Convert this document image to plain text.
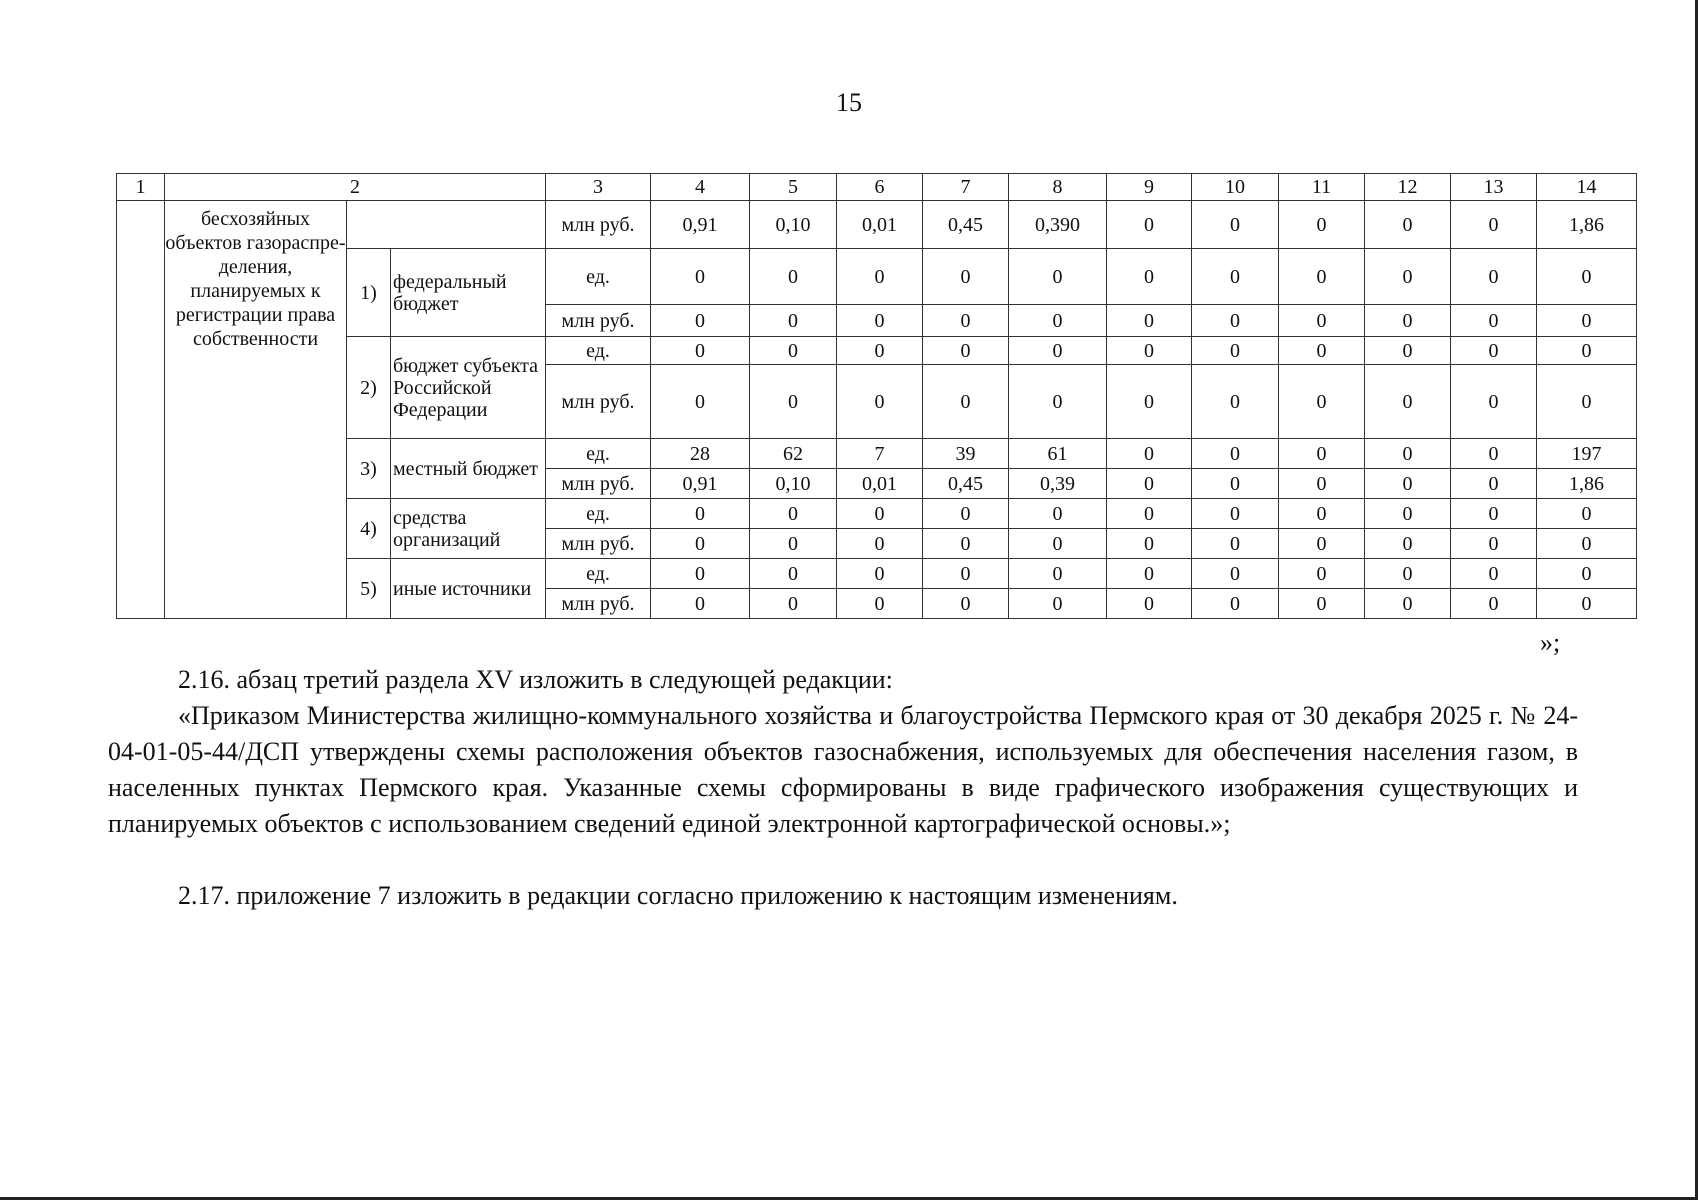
15
1	2			3	4	5	6	7	8	9	10	11	12	13	14
	бесхозяйных объектов газораспре-деления, планируемых к регистрации права собственности			млн руб.	0,91	0,10	0,01	0,45	0,390	0	0	0	0	0	1,86
		1)	федеральный бюджет	ед.	0	0	0	0	0	0	0	0	0	0	0
				млн руб.	0	0	0	0	0	0	0	0	0	0	0
		2)	бюджет субъекта Российской Федерации	ед.	0	0	0	0	0	0	0	0	0	0	0
				млн руб.	0	0	0	0	0	0	0	0	0	0	0
		3)	местный бюджет	ед.	28	62	7	39	61	0	0	0	0	0	197
				млн руб.	0,91	0,10	0,01	0,45	0,39	0	0	0	0	0	1,86
		4)	средства организаций	ед.	0	0	0	0	0	0	0	0	0	0	0
				млн руб.	0	0	0	0	0	0	0	0	0	0	0
		5)	иные источники	ед.	0	0	0	0	0	0	0	0	0	0	0
				млн руб.	0	0	0	0	0	0	0	0	0	0	0
»;

2.16. абзац третий раздела XV изложить в следующей редакции:

«Приказом Министерства жилищно-коммунального хозяйства и благоустройства Пермского края от 30 декабря 2025 г. № 24-04-01-05-44/ДСП утверждены схемы расположения объектов газоснабжения, используемых для обеспечения населения газом, в населенных пунктах Пермского края. Указанные схемы сформированы в виде графического изображения существующих и планируемых объектов с использованием сведений единой электронной картографической основы.»;

2.17. приложение 7 изложить в редакции согласно приложению к настоящим изменениям.
